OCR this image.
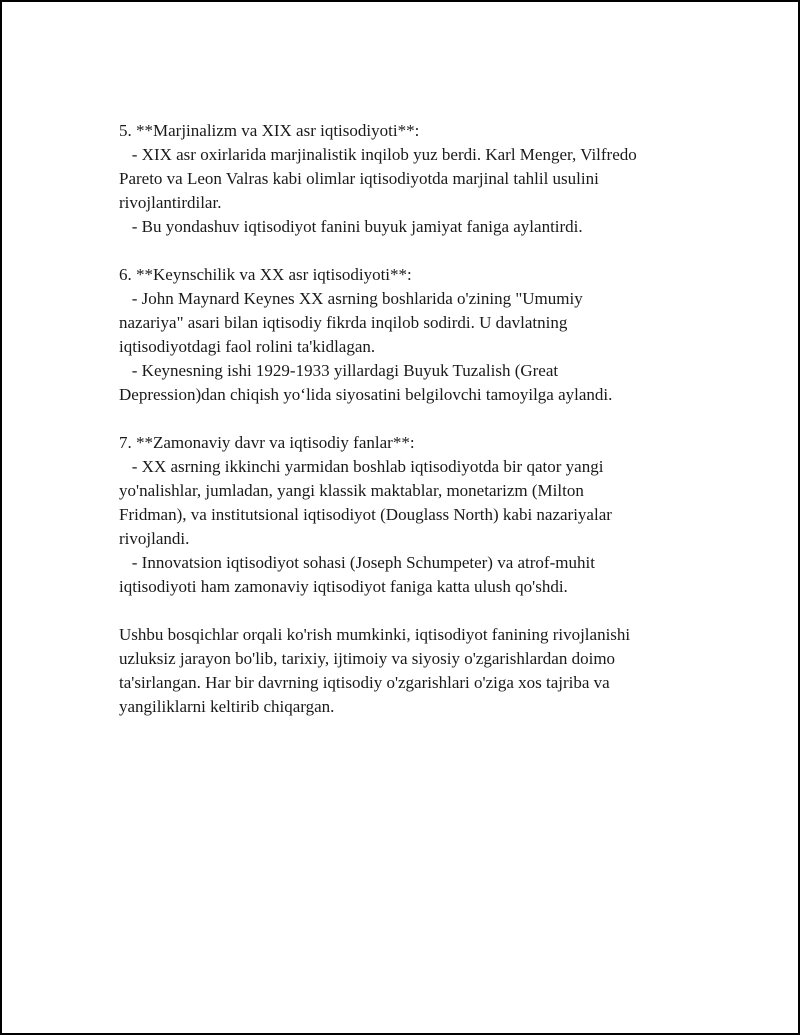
5. **Marjinalizm va XIX asr iqtisodiyoti**:
- XIX asr oxirlarida marjinalistik inqilob yuz berdi. Karl Menger, Vilfredo
Pareto va Leon Valras kabi olimlar iqtisodiyotda marjinal tahlil usulini
rivojlantirdilar.
- Bu yondashuv iqtisodiyot fanini buyuk jamiyat faniga aylantirdi.
6. **Keynschilik va XX asr iqtisodiyoti**:
- John Maynard Keynes XX asrning boshlarida o'zining "Umumiy
nazariya" asari bilan iqtisodiy fikrda inqilob sodirdi. U davlatning
iqtisodiyotdagi faol rolini ta'kidlagan.
- Keynesning ishi 1929-1933 yillardagi Buyuk Tuzalish (Great
Depression)dan chiqish yo‘lida siyosatini belgilovchi tamoyilga aylandi.
7. **Zamonaviy davr va iqtisodiy fanlar**:
- XX asrning ikkinchi yarmidan boshlab iqtisodiyotda bir qator yangi
yo'nalishlar, jumladan, yangi klassik maktablar, monetarizm (Milton
Fridman), va institutsional iqtisodiyot (Douglass North) kabi nazariyalar
rivojlandi.
- Innovatsion iqtisodiyot sohasi (Joseph Schumpeter) va atrof-muhit
iqtisodiyoti ham zamonaviy iqtisodiyot faniga katta ulush qo'shdi.
Ushbu bosqichlar orqali ko'rish mumkinki, iqtisodiyot fanining rivojlanishi
uzluksiz jarayon bo'lib, tarixiy, ijtimoiy va siyosiy o'zgarishlardan doimo
ta'sirlangan. Har bir davrning iqtisodiy o'zgarishlari o'ziga xos tajriba va
yangiliklarni keltirib chiqargan.
